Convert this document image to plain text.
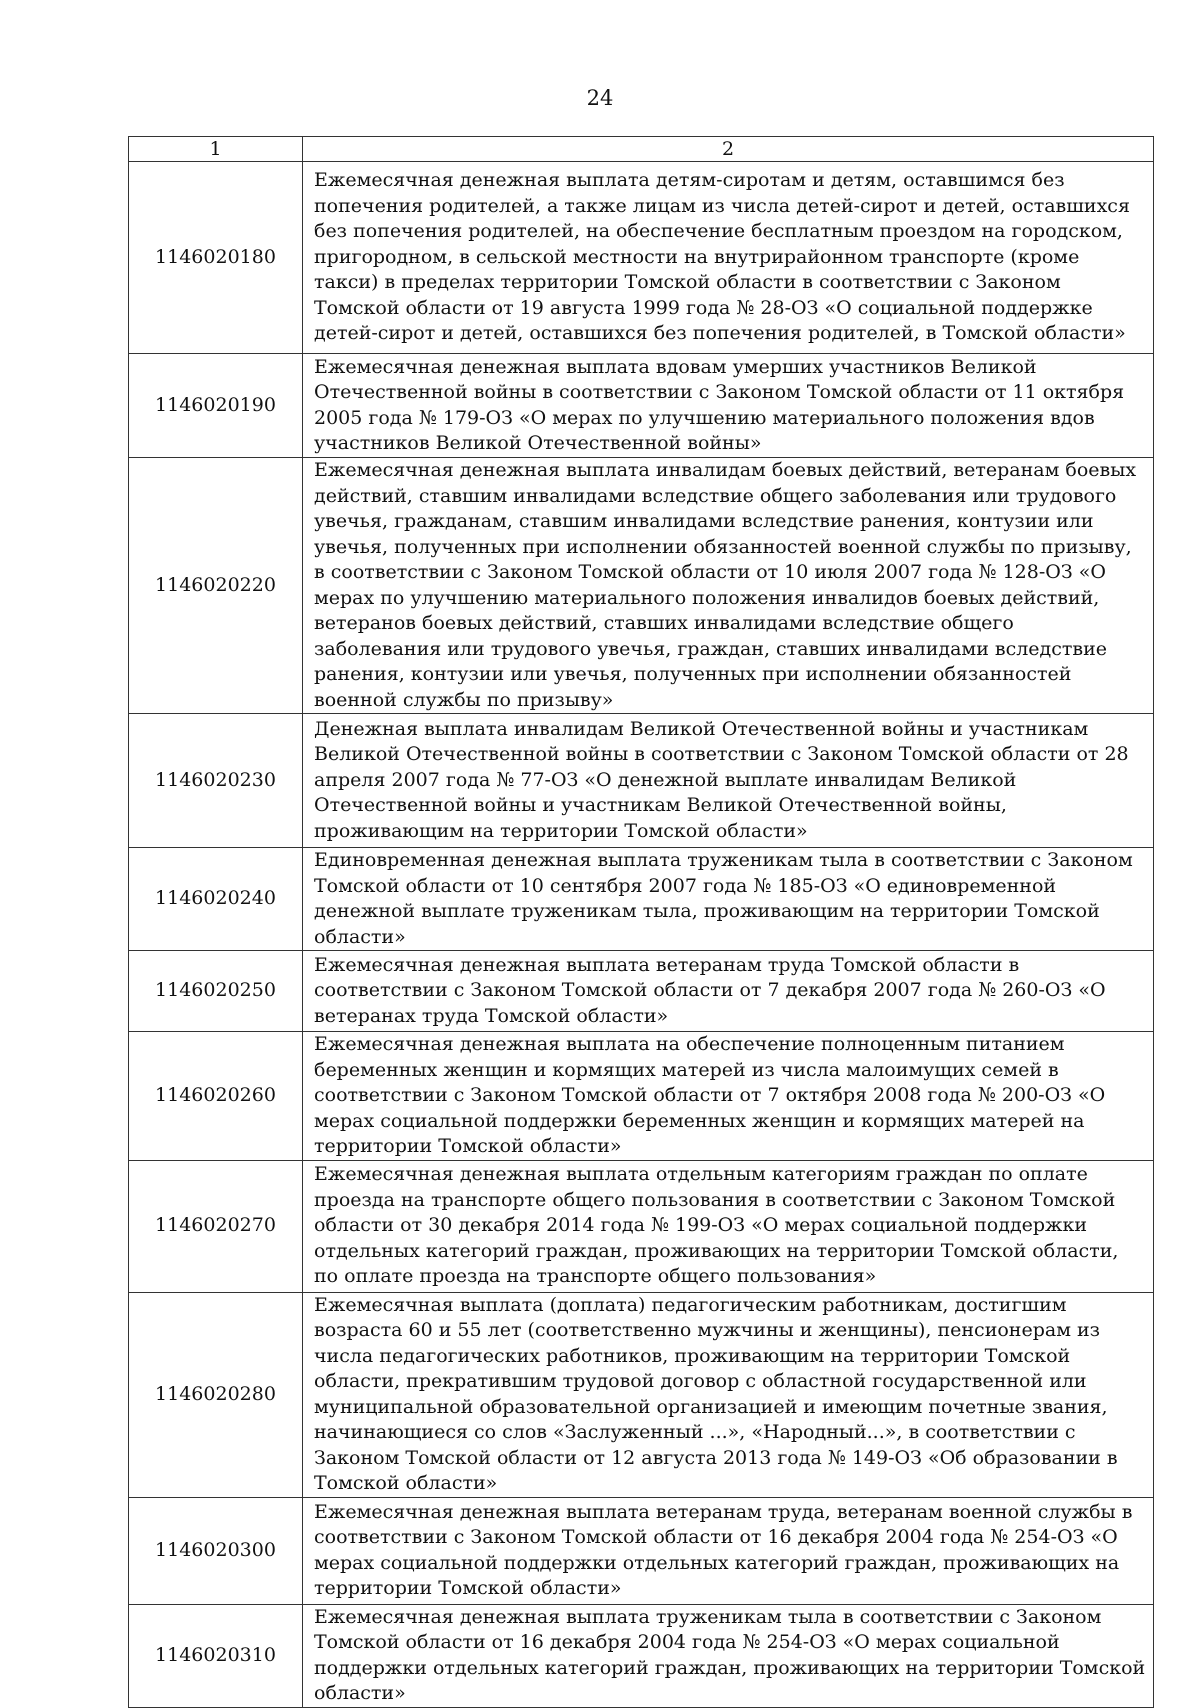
24
1	2
1146020180	Ежемесячная денежная выплата детям-сиротам и детям, оставшимся без попечения родителей, а также лицам из числа детей-сирот и детей, оставшихся без попечения родителей, на обеспечение бесплатным проездом на городском, пригородном, в сельской местности на внутрирайонном транспорте (кроме такси) в пределах территории Томской области в соответствии с Законом Томской области от 19 августа 1999 года № 28-ОЗ «О социальной поддержке детей-сирот и детей, оставшихся без попечения родителей, в Томской области»
1146020190	Ежемесячная денежная выплата вдовам умерших участников Великой Отечественной войны в соответствии с Законом Томской области от 11 октября 2005 года № 179-ОЗ «О мерах по улучшению материального положения вдов участников Великой Отечественной войны»
1146020220	Ежемесячная денежная выплата инвалидам боевых действий, ветеранам боевых действий, ставшим инвалидами вследствие общего заболевания или трудового увечья, гражданам, ставшим инвалидами вследствие ранения, контузии или увечья, полученных при исполнении обязанностей военной службы по призыву, в соответствии с Законом Томской области от 10 июля 2007 года № 128-ОЗ «О мерах по улучшению материального положения инвалидов боевых действий, ветеранов боевых действий, ставших инвалидами вследствие общего заболевания или трудового увечья, граждан, ставших инвалидами вследствие ранения, контузии или увечья, полученных при исполнении обязанностей военной службы по призыву»
1146020230	Денежная выплата инвалидам Великой Отечественной войны и участникам Великой Отечественной войны в соответствии с Законом Томской области от 28 апреля 2007 года № 77-ОЗ «О денежной выплате инвалидам Великой Отечественной войны и участникам Великой Отечественной войны, проживающим на территории Томской области»
1146020240	Единовременная денежная выплата труженикам тыла в соответствии с Законом Томской области от 10 сентября 2007 года № 185-ОЗ «О единовременной денежной выплате труженикам тыла, проживающим на территории Томской области»
1146020250	Ежемесячная денежная выплата ветеранам труда Томской области в соответствии с Законом Томской области от 7 декабря 2007 года № 260-ОЗ «О ветеранах труда Томской области»
1146020260	Ежемесячная денежная выплата на обеспечение полноценным питанием беременных женщин и кормящих матерей из числа малоимущих семей в соответствии с Законом Томской области от 7 октября 2008 года № 200-ОЗ «О мерах социальной поддержки беременных женщин и кормящих матерей на территории Томской области»
1146020270	Ежемесячная денежная выплата отдельным категориям граждан по оплате проезда на транспорте общего пользования в соответствии с Законом Томской области от 30 декабря 2014 года № 199-ОЗ «О мерах социальной поддержки отдельных категорий граждан, проживающих на территории Томской области, по оплате проезда на транспорте общего пользования»
1146020280	Ежемесячная выплата (доплата) педагогическим работникам, достигшим возраста 60 и 55 лет (соответственно мужчины и женщины), пенсионерам из числа педагогических работников, проживающим на территории Томской области, прекратившим трудовой договор с областной государственной или муниципальной образовательной организацией и имеющим почетные звания, начинающиеся со слов «Заслуженный ...», «Народный...», в соответствии с Законом Томской области от 12 августа 2013 года № 149-ОЗ «Об образовании в Томской области»
1146020300	Ежемесячная денежная выплата ветеранам труда, ветеранам военной службы в соответствии с Законом Томской области от 16 декабря 2004 года № 254-ОЗ «О мерах социальной поддержки отдельных категорий граждан, проживающих на территории Томской области»
1146020310	Ежемесячная денежная выплата труженикам тыла в соответствии с Законом Томской области от 16 декабря 2004 года № 254-ОЗ «О мерах социальной поддержки отдельных категорий граждан, проживающих на территории Томской области»
